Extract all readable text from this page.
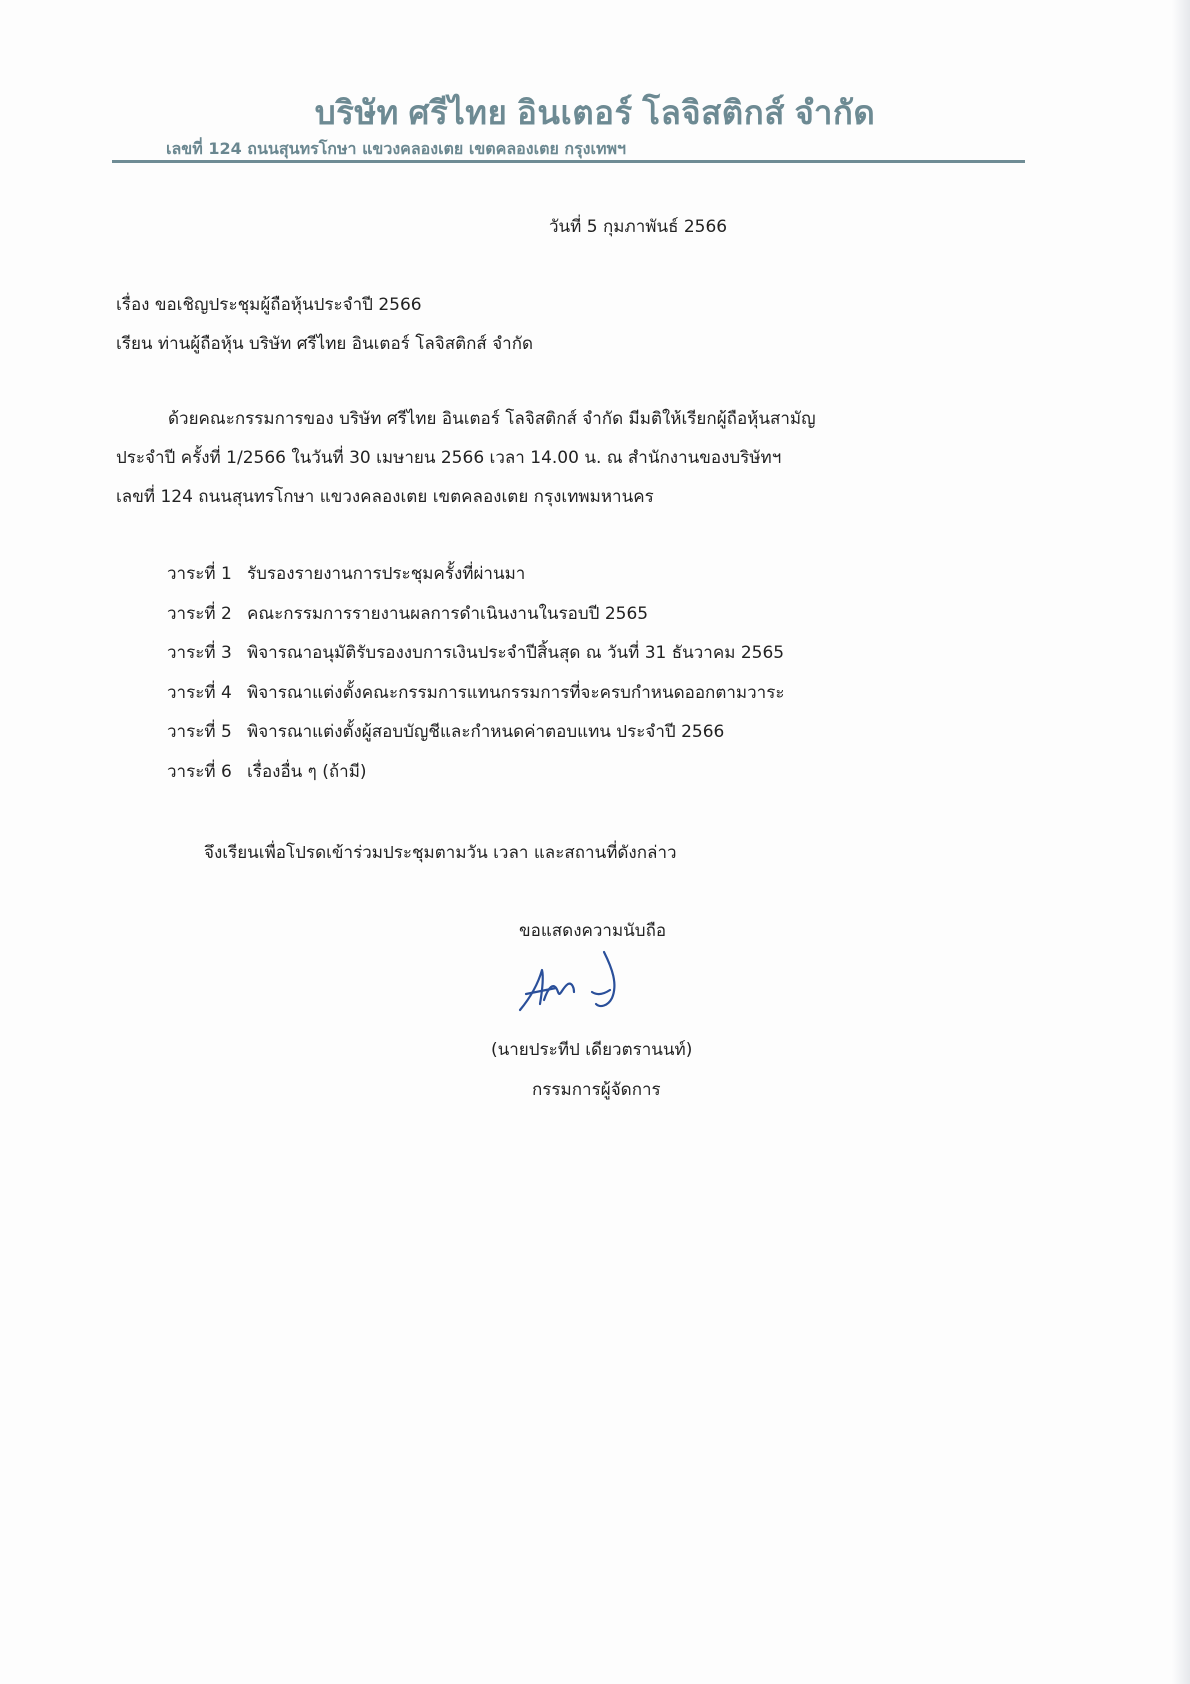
บริษัท ศรีไทย อินเตอร์ โลจิสติกส์ จำกัด
เลขที่ 124 ถนนสุนทรโกษา แขวงคลองเตย เขตคลองเตย กรุงเทพฯ
วันที่ 5 กุมภาพันธ์ 2566
เรื่อง ขอเชิญประชุมผู้ถือหุ้นประจำปี 2566
เรียน ท่านผู้ถือหุ้น บริษัท ศรีไทย อินเตอร์ โลจิสติกส์ จำกัด
ด้วยคณะกรรมการของ บริษัท ศรีไทย อินเตอร์ โลจิสติกส์ จำกัด มีมติให้เรียกผู้ถือหุ้นสามัญ
ประจำปี ครั้งที่ 1/2566 ในวันที่ 30 เมษายน 2566 เวลา 14.00 น. ณ สำนักงานของบริษัทฯ
เลขที่ 124 ถนนสุนทรโกษา แขวงคลองเตย เขตคลองเตย กรุงเทพมหานคร
วาระที่ 1 รับรองรายงานการประชุมครั้งที่ผ่านมา
วาระที่ 2 คณะกรรมการรายงานผลการดำเนินงานในรอบปี 2565
วาระที่ 3 พิจารณาอนุมัติรับรองงบการเงินประจำปีสิ้นสุด ณ วันที่ 31 ธันวาคม 2565
วาระที่ 4 พิจารณาแต่งตั้งคณะกรรมการแทนกรรมการที่จะครบกำหนดออกตามวาระ
วาระที่ 5 พิจารณาแต่งตั้งผู้สอบบัญชีและกำหนดค่าตอบแทน ประจำปี 2566
วาระที่ 6 เรื่องอื่น ๆ (ถ้ามี)
จึงเรียนเพื่อโปรดเข้าร่วมประชุมตามวัน เวลา และสถานที่ดังกล่าว
ขอแสดงความนับถือ
(นายประทีป เดียวตรานนท์)
กรรมการผู้จัดการ
